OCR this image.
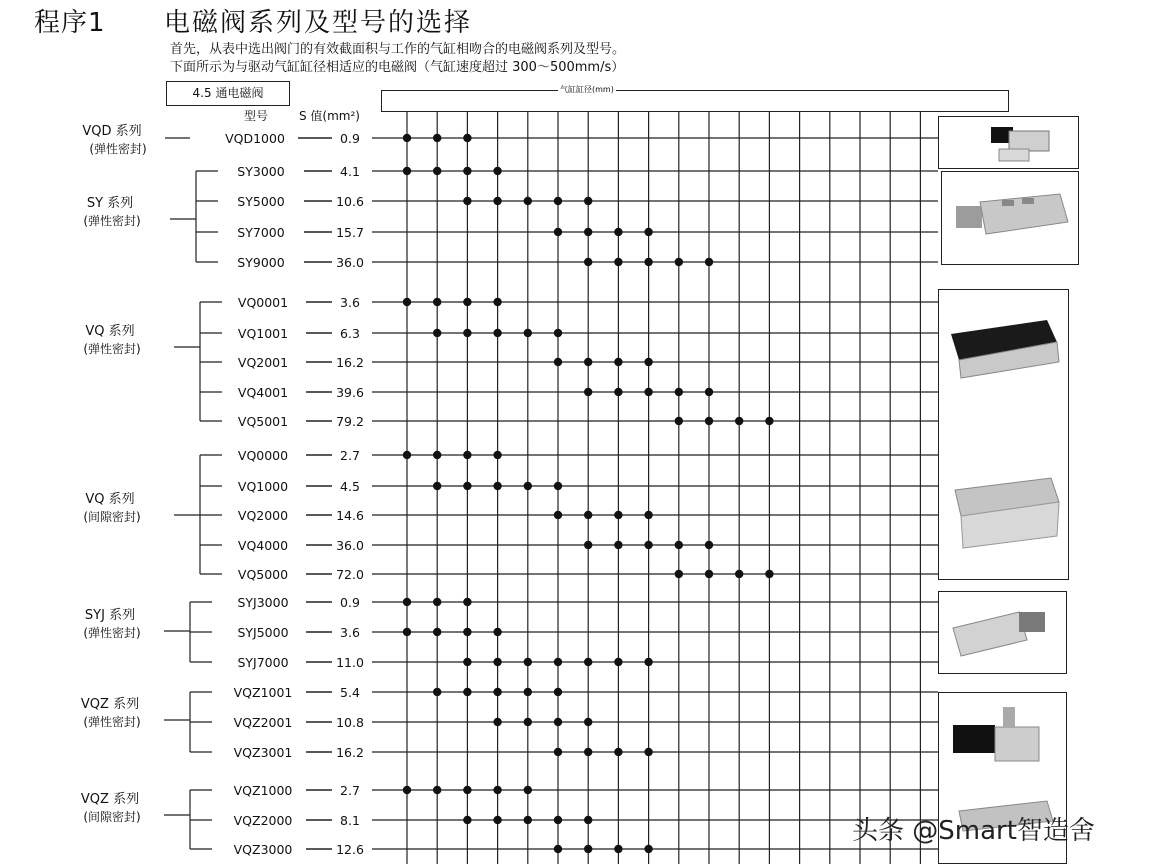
VQD 系列
(弹性密封)
VQD1000	0.9
SY 系列
(弹性密封)
SY3000	4.1
SY5000	10.6
SY7000	15.7
SY9000	36.0
VQ 系列
(弹性密封)
VQ0001	3.6
VQ1001	6.3
VQ2001	16.2
VQ4001	39.6
VQ5001	79.2
VQ 系列
(间隙密封)
VQ0000	2.7
VQ1000	4.5
VQ2000	14.6
VQ4000	36.0
VQ5000	72.0
SYJ 系列
(弹性密封)
SYJ3000	0.9
SYJ5000	3.6
SYJ7000	11.0
VQZ 系列
(弹性密封)
VQZ1001	5.4
VQZ2001	10.8
VQZ3001	16.2
VQZ 系列
(间隙密封)
VQZ1000	2.7
VQZ2000	8.1
VQZ3000	12.6
程序1 电磁阀系列及型号的选择
首先，从表中选出阀门的有效截面积与工作的气缸相吻合的电磁阀系列及型号。
下面所示为与驱动气缸缸径相适应的电磁阀（气缸速度超过 300～500mm/s）
4.5 通电磁阀
型号	S 值(mm²)
气缸缸径(mm)
头条 @Smart智造舍
